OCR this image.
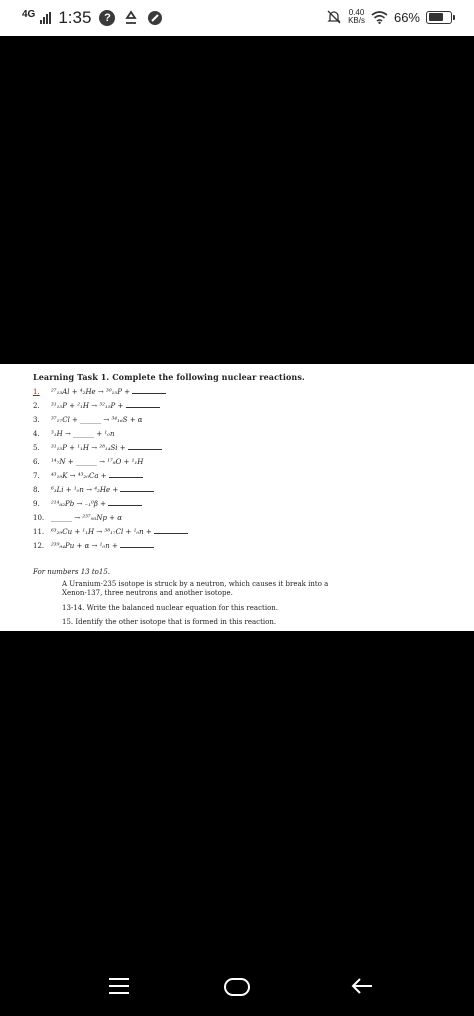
4G 1:35	?	0.40
KB/s 66%
Learning Task 1. Complete the following nuclear reactions.
1. ²⁷₁₃Al + ⁴₂He → ³⁰₁₅P +
2. ³¹₁₅P + ²₁H → ³²₁₅P +
3. ³⁷₁₇Cl + ______ → ³⁴₁₆S + α
4. ³₁H → ______ + ¹₀n
5. ³¹₁₅P + ¹₁H → ²⁸₁₄Si +
6. ¹⁴₇N + ______ → ¹⁷₈O + ¹₁H
7. ⁴³₁₉K → ⁴³₂₀Ca +
8. ⁶₃Li + ¹₀n → ⁴₂He +
9. ²¹⁴₈₂Pb → ₋₁⁰β +
10. ______ → ²³⁷₉₃Np + α
11. ⁶³₂₉Cu + ¹₁H → ³⁸₁₇Cl + ¹₀n +
12. ²³⁹₉₄Pu + α → ¹₀n +
For numbers 13 to15.
A Uranium-235 isotope is struck by a neutron, which causes it break into a
Xenon-137, three neutrons and another isotope.
13-14. Write the balanced nuclear equation for this reaction.
15. Identify the other isotope that is formed in this reaction.
